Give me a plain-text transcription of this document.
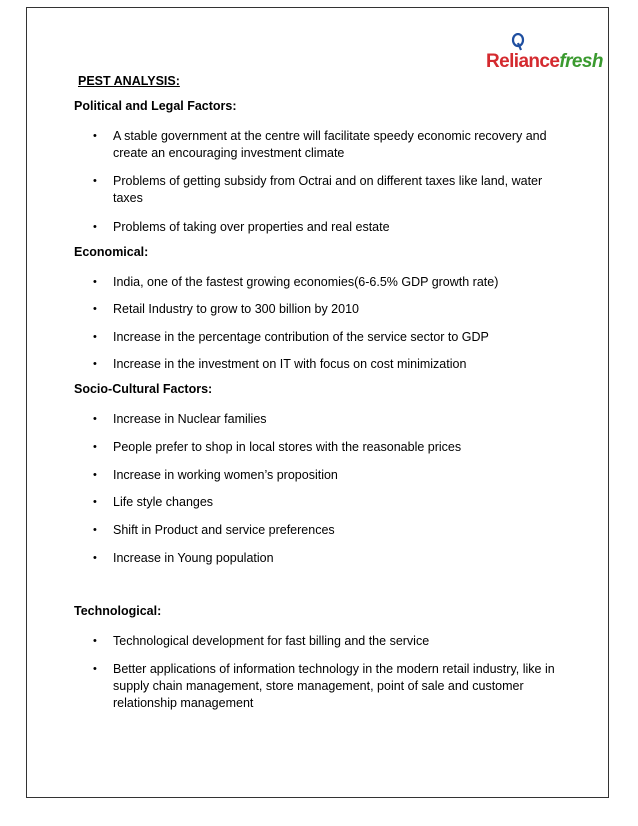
Reliancefresh
PEST ANALYSIS:
Political and Legal Factors:
• A stable government at the centre will facilitate speedy economic recovery and
create an encouraging investment climate
• Problems of getting subsidy from Octrai and on different taxes like land, water
taxes
• Problems of taking over properties and real estate
Economical:
• India, one of the fastest growing economies(6-6.5% GDP growth rate)
• Retail Industry to grow to 300 billion by 2010
• Increase in the percentage contribution of the service sector to GDP
• Increase in the investment on IT with focus on cost minimization
Socio-Cultural Factors:
• Increase in Nuclear families
• People prefer to shop in local stores with the reasonable prices
• Increase in working women’s proposition
• Life style changes
• Shift in Product and service preferences
• Increase in Young population
Technological:
• Technological development for fast billing and the service
• Better applications of information technology in the modern retail industry, like in
supply chain management, store management, point of sale and customer
relationship management
